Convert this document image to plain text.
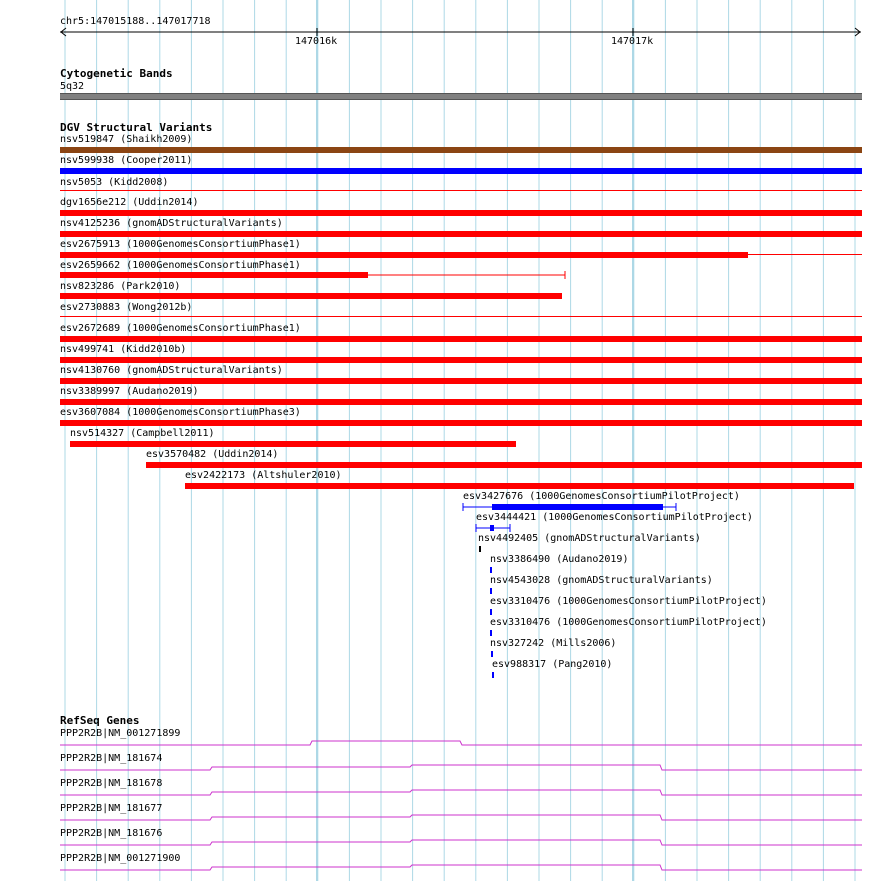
chr5:147015188..147017718
147016k	147017k
Cytogenetic Bands
5q32
DGV Structural Variants
nsv519847 (Shaikh2009)
nsv599938 (Cooper2011)
nsv5053 (Kidd2008)
dgv1656e212 (Uddin2014)
nsv4125236 (gnomADStructuralVariants)
esv2675913 (1000GenomesConsortiumPhase1)
esv2659662 (1000GenomesConsortiumPhase1)
nsv823286 (Park2010)
esv2730883 (Wong2012b)
esv2672689 (1000GenomesConsortiumPhase1)
nsv499741 (Kidd2010b)
nsv4130760 (gnomADStructuralVariants)
nsv3389997 (Audano2019)
esv3607084 (1000GenomesConsortiumPhase3)
nsv514327 (Campbell2011)
esv3570482 (Uddin2014)
esv2422173 (Altshuler2010)
esv3427676 (1000GenomesConsortiumPilotProject)
esv3444421 (1000GenomesConsortiumPilotProject)
nsv4492405 (gnomADStructuralVariants)
nsv3386490 (Audano2019)
nsv4543028 (gnomADStructuralVariants)
esv3310476 (1000GenomesConsortiumPilotProject)
esv3310476 (1000GenomesConsortiumPilotProject)
nsv327242 (Mills2006)
esv988317 (Pang2010)
RefSeq Genes
PPP2R2B|NM_001271899
PPP2R2B|NM_181674
PPP2R2B|NM_181678
PPP2R2B|NM_181677
PPP2R2B|NM_181676
PPP2R2B|NM_001271900
